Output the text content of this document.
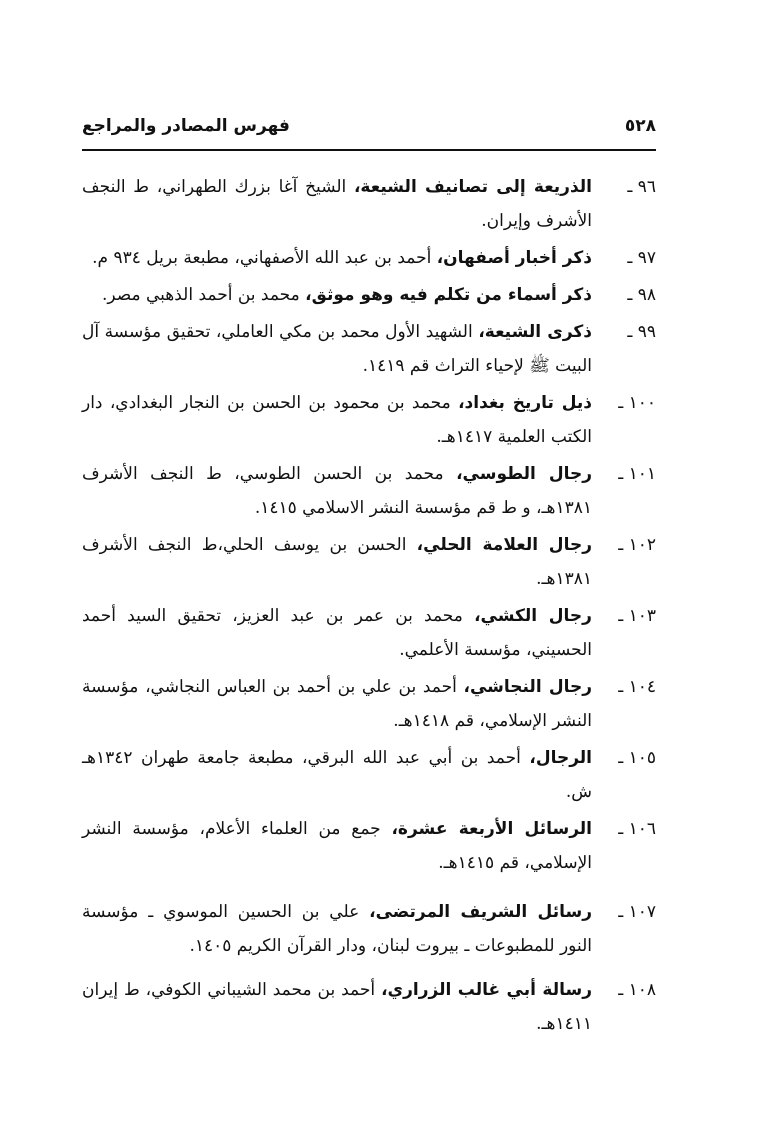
٥٢٨
فهرس المصادر والمراجع
٩٦ ـ
الذريعة إلى تصانيف الشيعة، الشيخ آغا بزرك الطهراني، ط النجف الأشرف وإيران.
٩٧ ـ
ذكر أخبار أصفهان، أحمد بن عبد الله الأصفهاني، مطبعة بريل ٩٣٤ م.
٩٨ ـ
ذكر أسماء من تكلم فيه وهو موثق، محمد بن أحمد الذهبي مصر.
٩٩ ـ
ذكرى الشيعة، الشهيد الأول محمد بن مكي العاملي، تحقيق مؤسسة آل البيت ﷺ لإحياء التراث قم ١٤١٩.
١٠٠ ـ
ذيل تاريخ بغداد، محمد بن محمود بن الحسن بن النجار البغدادي، دار الكتب العلمية ١٤١٧هـ.
١٠١ ـ
رجال الطوسي، محمد بن الحسن الطوسي، ط النجف الأشرف ١٣٨١هـ، و ط قم مؤسسة النشر الاسلامي ١٤١٥.
١٠٢ ـ
رجال العلامة الحلي، الحسن بن يوسف الحلي،ط النجف الأشرف ١٣٨١هـ.
١٠٣ ـ
رجال الكشي، محمد بن عمر بن عبد العزيز، تحقيق السيد أحمد الحسيني، مؤسسة الأعلمي.
١٠٤ ـ
رجال النجاشي، أحمد بن علي بن أحمد بن العباس النجاشي، مؤسسة النشر الإسلامي، قم ١٤١٨هـ.
١٠٥ ـ
الرجال، أحمد بن أبي عبد الله البرقي، مطبعة جامعة طهران ١٣٤٢هـ ش.
١٠٦ ـ
الرسائل الأربعة عشرة، جمع من العلماء الأعلام، مؤسسة النشر الإسلامي، قم ١٤١٥هـ.
١٠٧ ـ
رسائل الشريف المرتضى، علي بن الحسين الموسوي ـ مؤسسة النور للمطبوعات ـ بيروت لبنان، ودار القرآن الكريم ١٤٠٥.
١٠٨ ـ
رسالة أبي غالب الزراري، أحمد بن محمد الشيباني الكوفي، ط إيران ١٤١١هـ.
